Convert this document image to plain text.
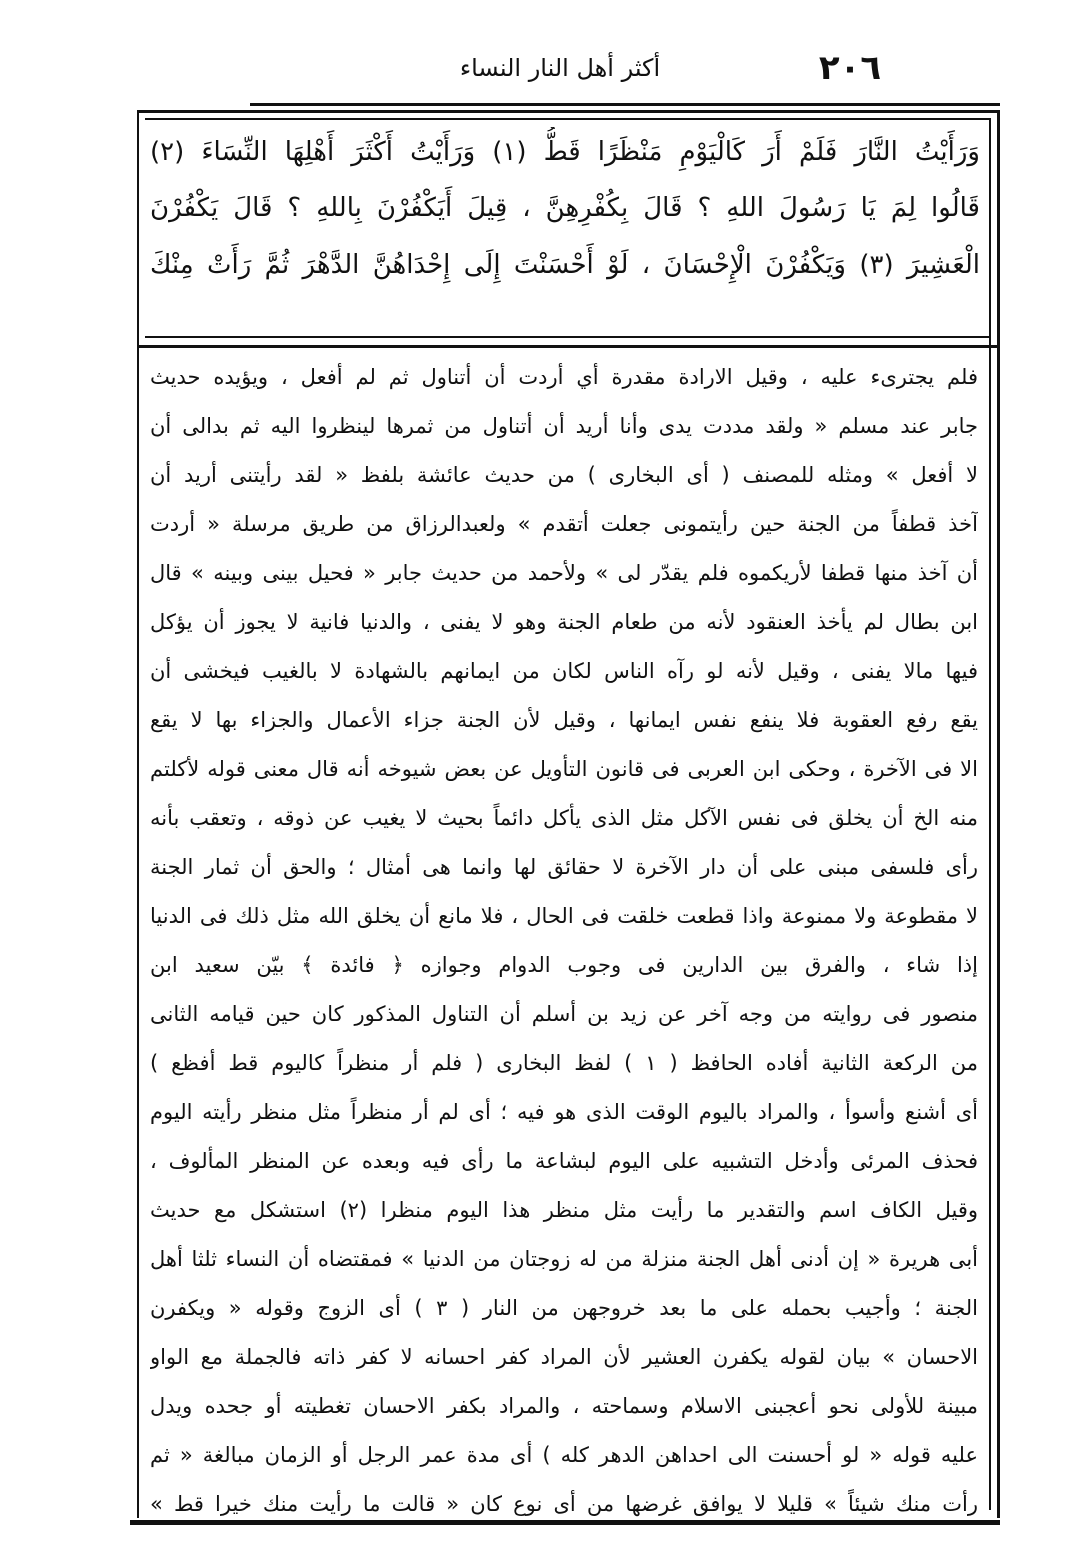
٢٠٦
أكثر أهل النار النساء
وَرَأَيْتُ النَّارَ فَلَمْ أَرَ كَالْيَوْمِ مَنْظَرًا قَطُّ (١) وَرَأَيْتُ أَكْثَرَ أَهْلِهَا النِّسَاءَ (٢)
قَالُوا لِمَ يَا رَسُولَ اللهِ ؟ قَالَ بِكُفْرِهِنَّ ، قِيلَ أَيَكْفُرْنَ بِاللهِ ؟ قَالَ يَكْفُرْنَ
الْعَشِيرَ (٣) وَيَكْفُرْنَ الْإِحْسَانَ ، لَوْ أَحْسَنْتَ إِلَى إِحْدَاهُنَّ الدَّهْرَ ثُمَّ رَأَتْ مِنْكَ
فلم يجترىء عليه ، وقيل الارادة مقدرة أي أردت أن أتناول ثم لم أفعل ، ويؤيده حديث
جابر عند مسلم « ولقد مددت يدى وأنا أريد أن أتناول من ثمرها لينظروا اليه ثم بدالى أن
لا أفعل » ومثله للمصنف ( أى البخارى ) من حديث عائشة بلفظ « لقد رأيتنى أريد أن
آخذ قطفاً من الجنة حين رأيتمونى جعلت أتقدم » ولعبدالرزاق من طريق مرسلة « أردت
أن آخذ منها قطفا لأريكموه فلم يقدّر لى » ولأحمد من حديث جابر « فحيل بينى وبينه » قال
ابن بطال لم يأخذ العنقود لأنه من طعام الجنة وهو لا يفنى ، والدنيا فانية لا يجوز أن يؤكل
فيها مالا يفنى ، وقيل لأنه لو رآه الناس لكان من ايمانهم بالشهادة لا بالغيب فيخشى أن
يقع رفع العقوبة فلا ينفع نفس ايمانها ، وقيل لأن الجنة جزاء الأعمال والجزاء بها لا يقع
الا فى الآخرة ، وحكى ابن العربى فى قانون التأويل عن بعض شيوخه أنه قال معنى قوله لأكلتم
منه الخ أن يخلق فى نفس الآكل مثل الذى يأكل دائماً بحيث لا يغيب عن ذوقه ، وتعقب بأنه
رأى فلسفى مبنى على أن دار الآخرة لا حقائق لها وانما هى أمثال ؛ والحق أن ثمار الجنة
لا مقطوعة ولا ممنوعة واذا قطعت خلقت فى الحال ، فلا مانع أن يخلق الله مثل ذلك فى الدنيا
إذا شاء ، والفرق بين الدارين فى وجوب الدوام وجوازه ﴿ فائدة ﴾ بيّن سعيد ابن
منصور فى روايته من وجه آخر عن زيد بن أسلم أن التناول المذكور كان حين قيامه الثانى
من الركعة الثانية أفاده الحافظ ( ١ ) لفظ البخارى ( فلم أر منظراً كاليوم قط أفظع )
أى أشنع وأسوأ ، والمراد باليوم الوقت الذى هو فيه ؛ أى لم أر منظراً مثل منظر رأيته اليوم
فحذف المرئى وأدخل التشبيه على اليوم لبشاعة ما رأى فيه وبعده عن المنظر المألوف ،
وقيل الكاف اسم والتقدير ما رأيت مثل منظر هذا اليوم منظرا (٢) استشكل مع حديث
أبى هريرة « إن أدنى أهل الجنة منزلة من له زوجتان من الدنيا » فمقتضاه أن النساء ثلثا أهل
الجنة ؛ وأجيب بحمله على ما بعد خروجهن من النار ( ٣ ) أى الزوج وقوله « ويكفرن
الاحسان » بيان لقوله يكفرن العشير لأن المراد كفر احسانه لا كفر ذاته فالجملة مع الواو
مبينة للأولى نحو أعجبنى الاسلام وسماحته ، والمراد بكفر الاحسان تغطيته أو جحده ويدل
عليه قوله « لو أحسنت الى احداهن الدهر كله ) أى مدة عمر الرجل أو الزمان مبالغة « ثم
رأت منك شيئاً » قليلا لا يوافق غرضها من أى نوع كان « قالت ما رأيت منك خيرا قط »
